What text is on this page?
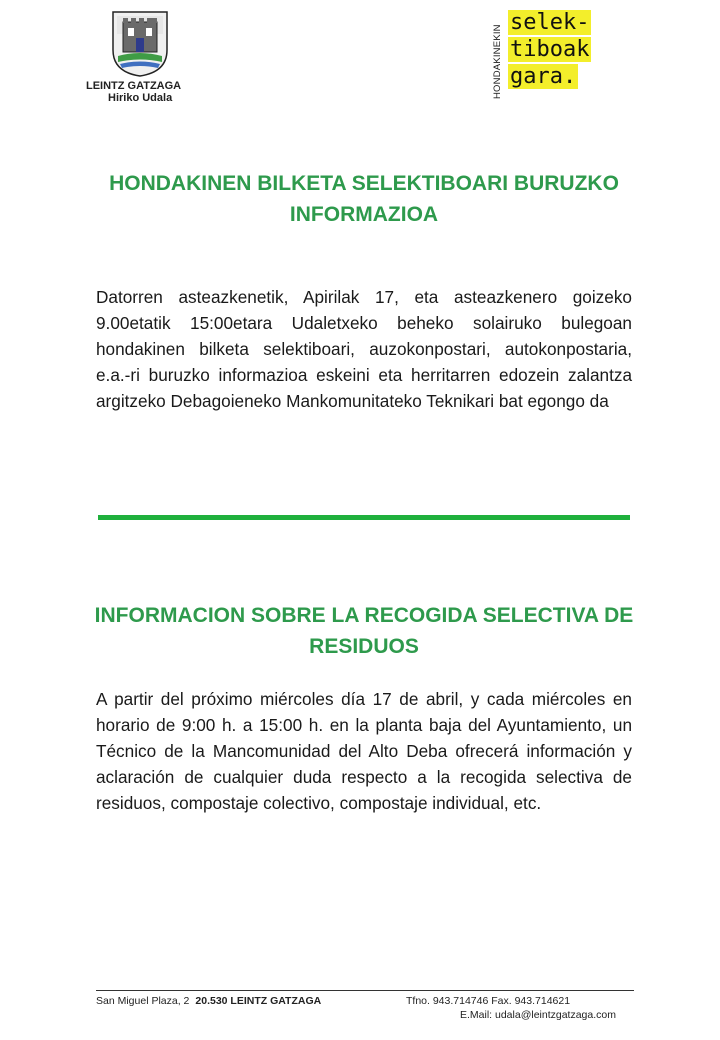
LEINTZ GATZAGA
Hiriko Udala	HONDAKINEKIN
selek-
tiboak
gara.
HONDAKINEN BILKETA SELEKTIBOARI BURUZKO INFORMAZIOA
Datorren asteazkenetik, Apirilak 17, eta asteazkenero goizeko 9.00etatik 15:00etara Udaletxeko beheko solairuko bulegoan hondakinen bilketa selektiboari, auzokonpostari, autokonpostaria, e.a.-ri buruzko informazioa eskeini eta herritarren edozein zalantza argitzeko Debagoieneko Mankomunitateko Teknikari bat egongo da
INFORMACION SOBRE LA RECOGIDA SELECTIVA DE RESIDUOS
A partir del próximo miércoles día 17 de abril, y cada miércoles en horario de 9:00 h. a 15:00 h. en la planta baja del Ayuntamiento, un Técnico de la Mancomunidad del Alto Deba ofrecerá información y aclaración de cualquier duda respecto a la recogida selectiva de residuos, compostaje colectivo, compostaje individual, etc.
San Miguel Plaza, 2 20.530 LEINTZ GATZAGA	Tfno. 943.714746 Fax. 943.714621
E.Mail: udala@leintzgatzaga.com
